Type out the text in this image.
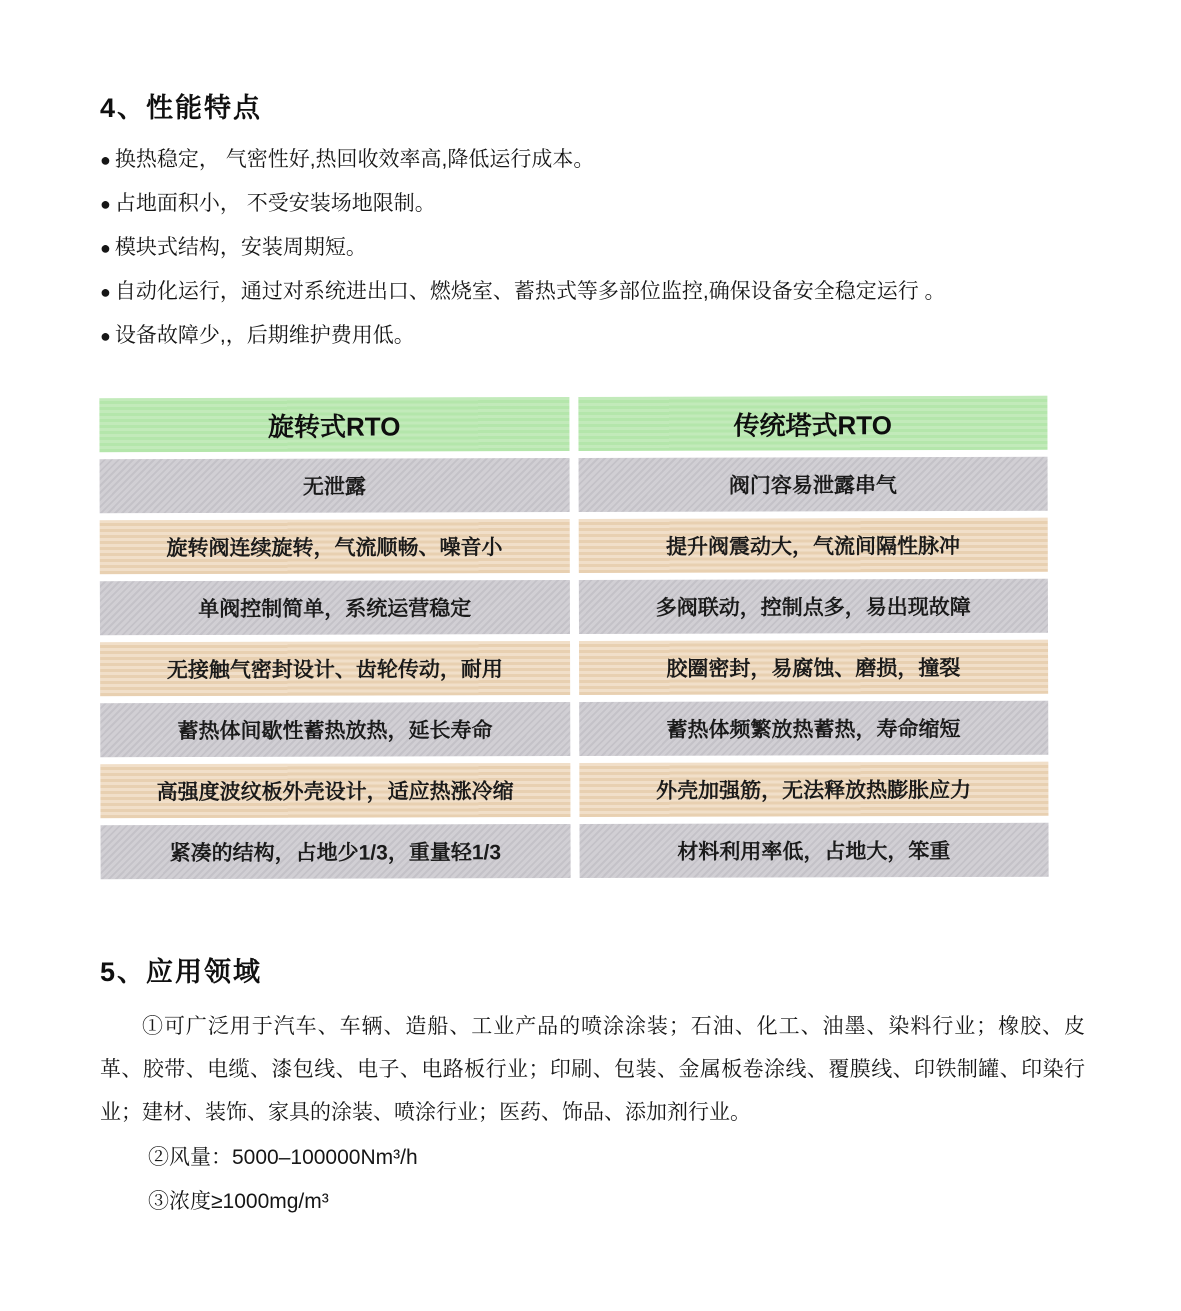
4、性能特点
● 换热稳定， 气密性好,热回收效率高,降低运行成本。
● 占地面积小， 不受安装场地限制。
● 模块式结构，安装周期短。
● 自动化运行，通过对系统进出口、燃烧室、蓄热式等多部位监控,确保设备安全稳定运行 。
● 设备故障少,，后期维护费用低。
旋转式RTO	传统塔式RTO
无泄露	阀门容易泄露串气
旋转阀连续旋转，气流顺畅、噪音小	提升阀震动大，气流间隔性脉冲
单阀控制简单，系统运营稳定	多阀联动，控制点多，易出现故障
无接触气密封设计、齿轮传动，耐用	胶圈密封，易腐蚀、磨损，撞裂
蓄热体间歇性蓄热放热，延长寿命	蓄热体频繁放热蓄热，寿命缩短
高强度波纹板外壳设计，适应热涨冷缩	外壳加强筋，无法释放热膨胀应力
紧凑的结构，占地少1/3，重量轻1/3	材料利用率低，占地大，笨重
5、应用领域

①可广泛用于汽车、车辆、造船、工业产品的喷涂涂装；石油、化工、油墨、染料行业；橡胶、皮革、胶带、电缆、漆包线、电子、电路板行业；印刷、包装、金属板卷涂线、覆膜线、印铁制罐、印染行业；建材、装饰、家具的涂装、喷涂行业；医药、饰品、添加剂行业。

②风量：5000–100000Nm³/h

③浓度≥1000mg/m³
